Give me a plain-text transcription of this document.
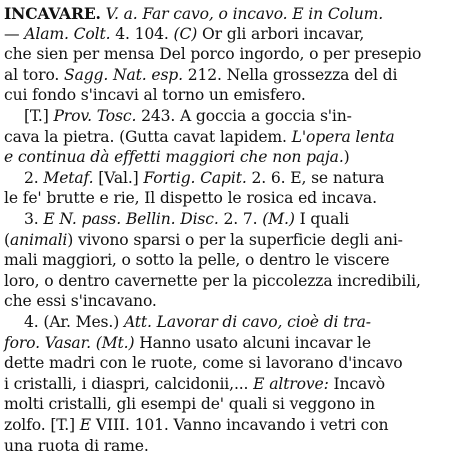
INCAVARE. V. a. Far cavo, o incavo. E in Colum.
— Alam. Colt. 4. 104. (C) Or gli arbori incavar,
che sien per mensa Del porco ingordo, o per presepio
al toro. Sagg. Nat. esp. 212. Nella grossezza del di
cui fondo s'incavi al torno un emisfero.
[T.] Prov. Tosc. 243. A goccia a goccia s'in-
cava la pietra. (Gutta cavat lapidem. L'opera lenta
e continua dà effetti maggiori che non paja.)
2. Metaf. [Val.] Fortig. Capit. 2. 6. E, se natura
le fe' brutte e rie, Il dispetto le rosica ed incava.
3. E N. pass. Bellin. Disc. 2. 7. (M.) I quali
(animali) vivono sparsi o per la superficie degli ani-
mali maggiori, o sotto la pelle, o dentro le viscere
loro, o dentro cavernette per la piccolezza incredibili,
che essi s'incavano.
4. (Ar. Mes.) Att. Lavorar di cavo, cioè di tra-
foro. Vasar. (Mt.) Hanno usato alcuni incavar le
dette madri con le ruote, come si lavorano d'incavo
i cristalli, i diaspri, calcidonii,... E altrove: Incavò
molti cristalli, gli esempi de' quali si veggono in
zolfo. [T.] E VIII. 101. Vanno incavando i vetri con
una ruota di rame.
